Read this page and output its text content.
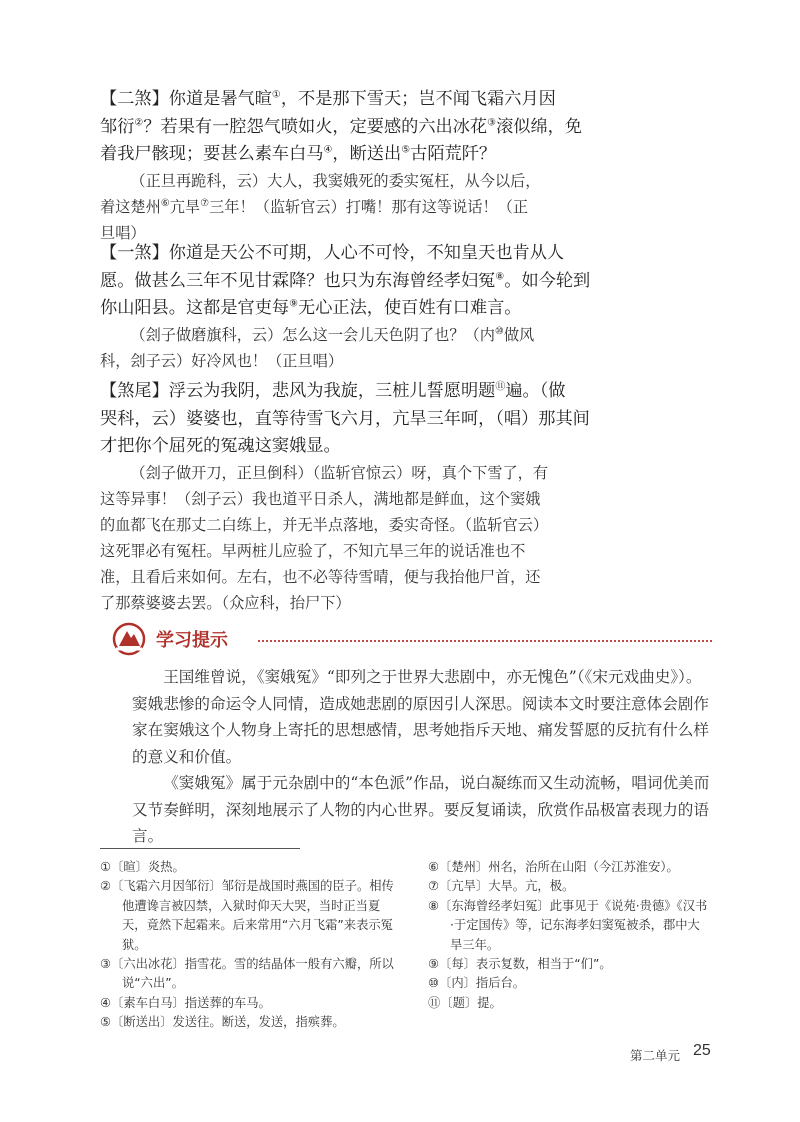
【二煞】你道是暑气暄①，不是那下雪天；岂不闻飞霜六月因

邹衍②？若果有一腔怨气喷如火，定要感的六出冰花③滚似绵，免

着我尸骸现；要甚么素车白马④，断送出⑤古陌荒阡？

（正旦再跪科，云）大人，我窦娥死的委实冤枉，从今以后，

着这楚州⑥亢旱⑦三年！（监斩官云）打嘴！那有这等说话！（正

旦唱）

【一煞】你道是天公不可期，人心不可怜，不知皇天也肯从人

愿。做甚么三年不见甘霖降？也只为东海曾经孝妇冤⑧。如今轮到

你山阳县。这都是官吏每⑨无心正法，使百姓有口难言。

（刽子做磨旗科，云）怎么这一会儿天色阴了也？（内⑩做风

科，刽子云）好冷风也！（正旦唱）

【煞尾】浮云为我阴，悲风为我旋，三桩儿誓愿明题⑪遍。（做

哭科，云）婆婆也，直等待雪飞六月，亢旱三年呵，（唱）那其间

才把你个屈死的冤魂这窦娥显。

（刽子做开刀，正旦倒科）（监斩官惊云）呀，真个下雪了，有

这等异事！（刽子云）我也道平日杀人，满地都是鲜血，这个窦娥

的血都飞在那丈二白练上，并无半点落地，委实奇怪。（监斩官云）

这死罪必有冤枉。早两桩儿应验了，不知亢旱三年的说话准也不

准，且看后来如何。左右，也不必等待雪晴，便与我抬他尸首，还

了那蔡婆婆去罢。（众应科，抬尸下）

学习提示

王国维曾说，《窦娥冤》“即列之于世界大悲剧中，亦无愧色”（《宋元戏曲史》）。窦娥悲惨的命运令人同情，造成她悲剧的原因引人深思。阅读本文时要注意体会剧作家在窦娥这个人物身上寄托的思想感情，思考她指斥天地、痛发誓愿的反抗有什么样的意义和价值。

《窦娥冤》属于元杂剧中的“本色派”作品，说白凝练而又生动流畅，唱词优美而又节奏鲜明，深刻地展示了人物的内心世界。要反复诵读，欣赏作品极富表现力的语言。

①〔暄〕炎热。

②〔飞霜六月因邹衍〕邹衍是战国时燕国的臣子。相传他遭谗言被囚禁，入狱时仰天大哭，当时正当夏天，竟然下起霜来。后来常用“六月飞霜”来表示冤狱。

③〔六出冰花〕指雪花。雪的结晶体一般有六瓣，所以说“六出”。

④〔素车白马〕指送葬的车马。

⑤〔断送出〕发送往。断送，发送，指殡葬。

⑥〔楚州〕州名，治所在山阳（今江苏淮安）。

⑦〔亢旱〕大旱。亢，极。

⑧〔东海曾经孝妇冤〕此事见于《说苑·贵德》《汉书·于定国传》等，记东海孝妇窦冤被杀，郡中大旱三年。

⑨〔每〕表示复数，相当于“们”。

⑩〔内〕指后台。

⑪〔题〕提。

第二单元 25
